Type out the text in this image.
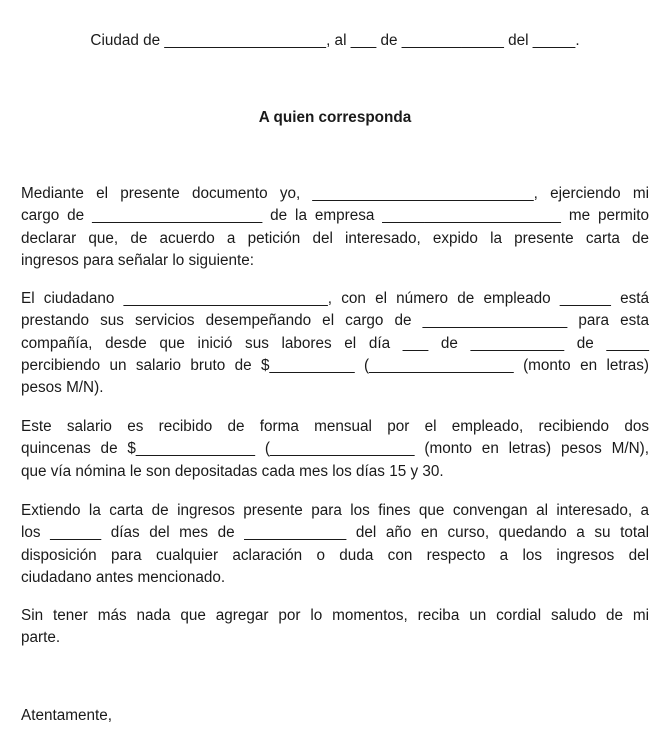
Ciudad de ___________________, al ___ de ____________ del _____.
A quien corresponda
Mediante el presente documento yo, __________________________, ejerciendo mi
cargo de ____________________ de la empresa _____________________ me permito
declarar que, de acuerdo a petición del interesado, expido la presente carta de
ingresos para señalar lo siguiente:
El ciudadano ________________________, con el número de empleado ______ está
prestando sus servicios desempeñando el cargo de _________________ para esta
compañía, desde que inició sus labores el día ___ de ___________ de _____
percibiendo un salario bruto de $__________ (_________________ (monto en letras)
pesos M/N).
Este salario es recibido de forma mensual por el empleado, recibiendo dos
quincenas de $______________ (_________________ (monto en letras) pesos M/N),
que vía nómina le son depositadas cada mes los días 15 y 30.
Extiendo la carta de ingresos presente para los fines que convengan al interesado, a
los ______ días del mes de ____________ del año en curso, quedando a su total
disposición para cualquier aclaración o duda con respecto a los ingresos del
ciudadano antes mencionado.
Sin tener más nada que agregar por lo momentos, reciba un cordial saludo de mi
parte.
Atentamente,
